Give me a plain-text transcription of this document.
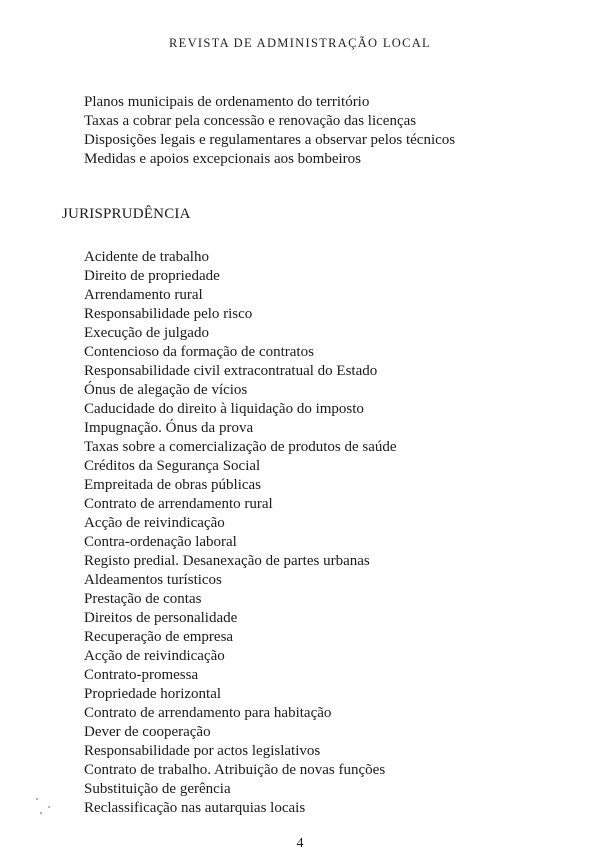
REVISTA DE ADMINISTRAÇÃO LOCAL
Planos municipais de ordenamento do território
Taxas a cobrar pela concessão e renovação das licenças
Disposições legais e regulamentares a observar pelos técnicos
Medidas e apoios excepcionais aos bombeiros
JURISPRUDÊNCIA
Acidente de trabalho
Direito de propriedade
Arrendamento rural
Responsabilidade pelo risco
Execução de julgado
Contencioso da formação de contratos
Responsabilidade civil extracontratual do Estado
Ónus de alegação de vícios
Caducidade do direito à liquidação do imposto
Impugnação. Ónus da prova
Taxas sobre a comercialização de produtos de saúde
Créditos da Segurança Social
Empreitada de obras públicas
Contrato de arrendamento rural
Acção de reivindicação
Contra-ordenação laboral
Registo predial. Desanexação de partes urbanas
Aldeamentos turísticos
Prestação de contas
Direitos de personalidade
Recuperação de empresa
Acção de reivindicação
Contrato-promessa
Propriedade horizontal
Contrato de arrendamento para habitação
Dever de cooperação
Responsabilidade por actos legislativos
Contrato de trabalho. Atribuição de novas funções
Substituição de gerência
Reclassificação nas autarquias locais
4
